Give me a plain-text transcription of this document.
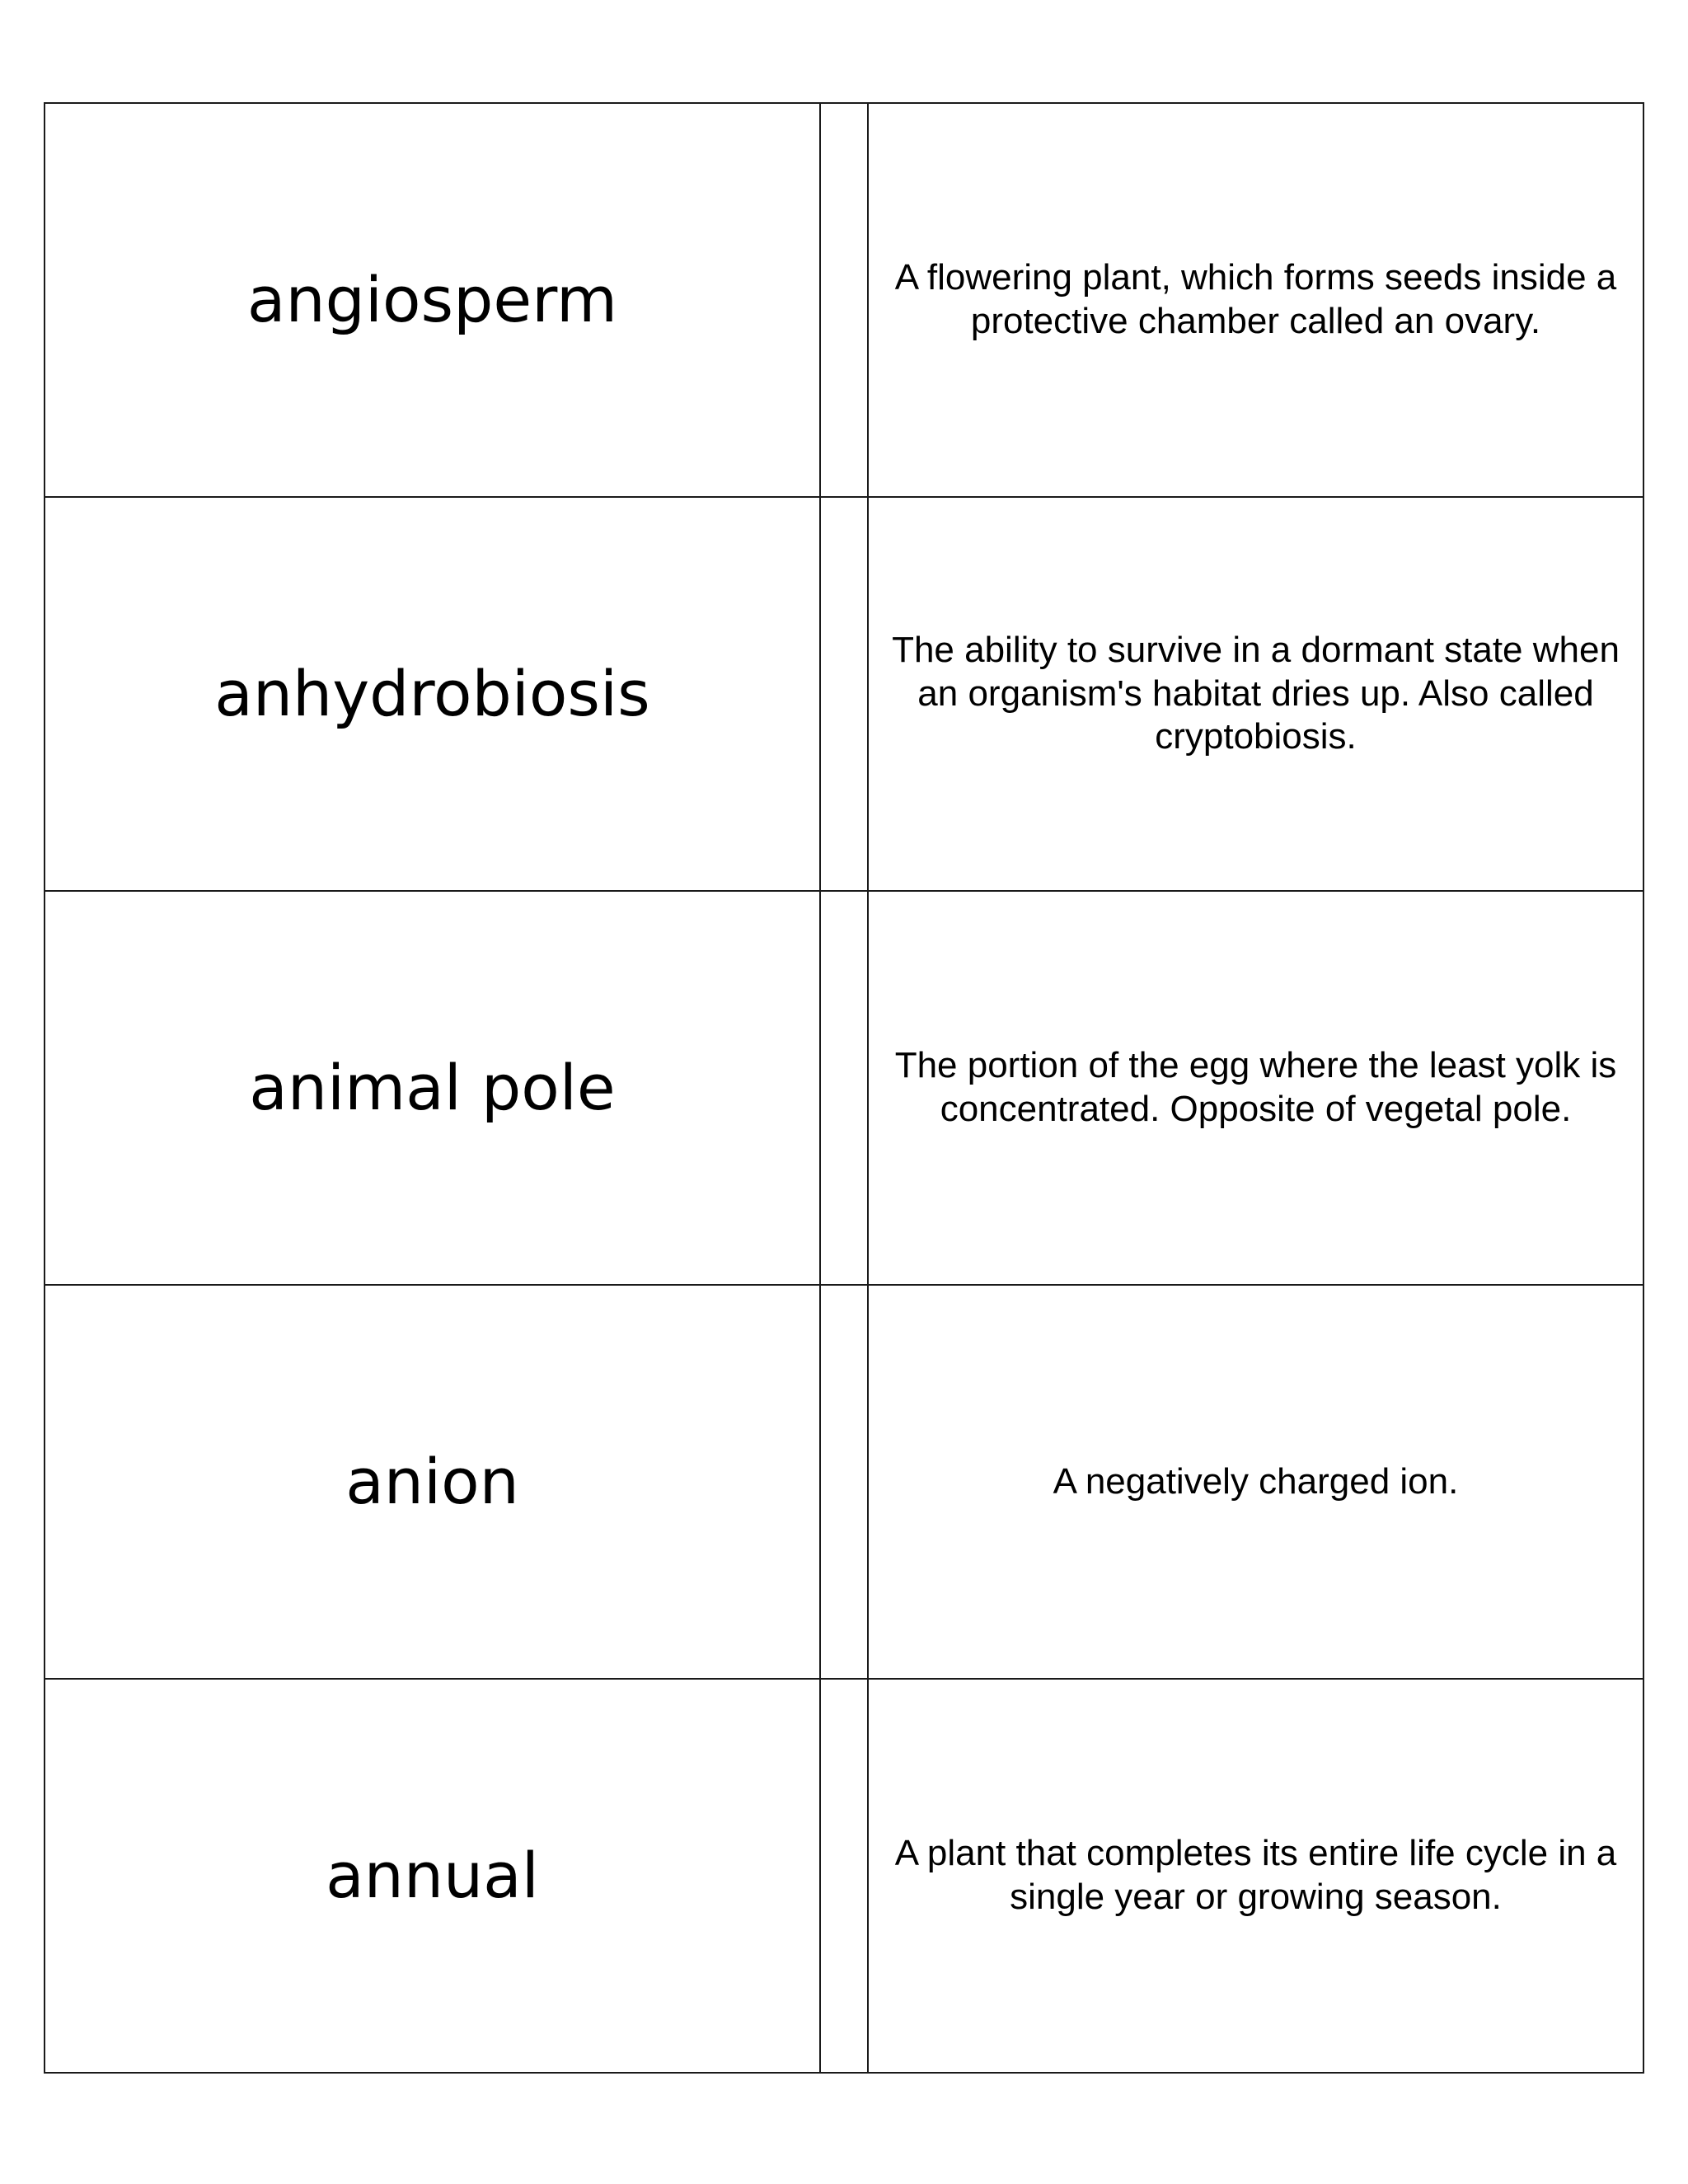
angiosperm		A flowering plant, which forms seeds inside a protective chamber called an ovary.
anhydrobiosis		The ability to survive in a dormant state when an organism's habitat dries up. Also called cryptobiosis.
animal pole		The portion of the egg where the least yolk is concentrated. Opposite of vegetal pole.
anion		A negatively charged ion.
annual		A plant that completes its entire life cycle in a single year or growing season.
